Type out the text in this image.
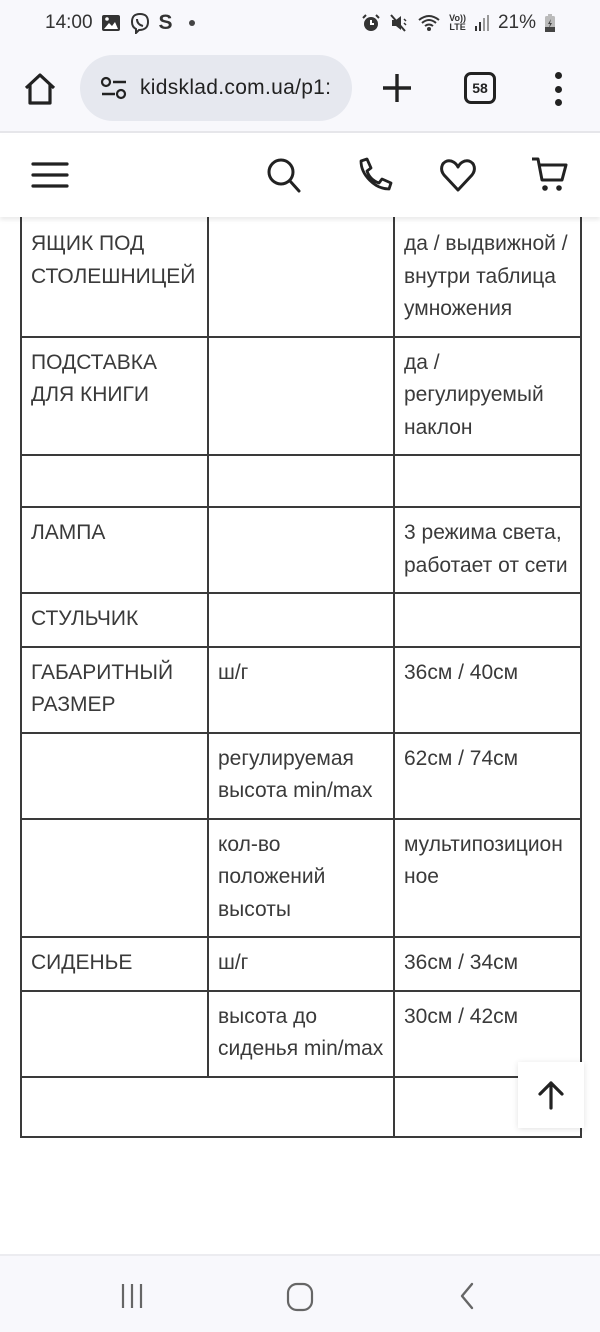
14:00	S	Vo))
LTE 21%
kidsklad.com.ua/p1:	58
ЯЩИК ПОД СТОЛЕШНИЦЕЙ		да / выдвижной / внутри таблица умножения
ПОДСТАВКА ДЛЯ КНИГИ		да / регулируемый наклон

ЛАМПА		3 режима света, работает от сети
СТУЛЬЧИК		
ГАБАРИТНЫЙ РАЗМЕР	ш/г	36см / 40см
	регулируемая высота min/max	62см / 74см
	кол-во положений высоты	мультипозиционное
СИДЕНЬЕ	ш/г	36см / 34см
	высота до сиденья min/max	30см / 42см
